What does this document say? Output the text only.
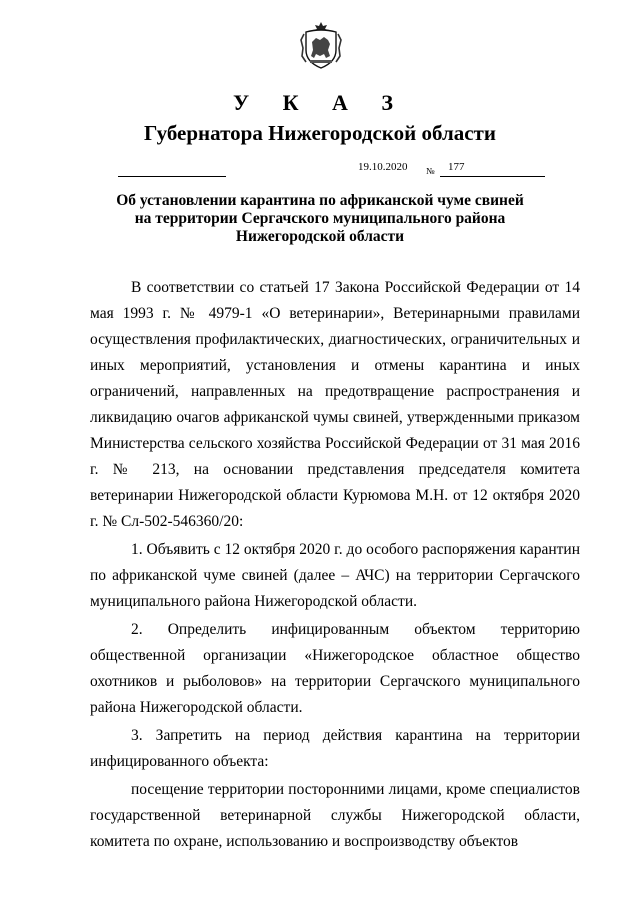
У К А З
Губернатора Нижегородской области
19.10.2020 № 177
Об установлении карантина по африканской чуме свиней
на территории Сергачского муниципального района
Нижегородской области

В соответствии со статьей 17 Закона Российской Федерации от 14 мая 1993 г. № 4979-1 «О ветеринарии», Ветеринарными правилами осуществления профилактических, диагностических, ограничительных и иных мероприятий, установления и отмены карантина и иных ограничений, направленных на предотвращение распространения и ликвидацию очагов африканской чумы свиней, утвержденными приказом Министерства сельского хозяйства Российской Федерации от 31 мая 2016 г. № 213, на основании представления председателя комитета ветеринарии Нижегородской области Курюмова М.Н. от 12 октября 2020 г. № Сл-502-546360/20:

1. Объявить с 12 октября 2020 г. до особого распоряжения карантин по африканской чуме свиней (далее – АЧС) на территории Сергачского муниципального района Нижегородской области.

2. Определить инфицированным объектом территорию общественной организации «Нижегородское областное общество охотников и рыболовов» на территории Сергачского муниципального района Нижегородской области.

3. Запретить на период действия карантина на территории инфицированного объекта:

посещение территории посторонними лицами, кроме специалистов государственной ветеринарной службы Нижегородской области, комитета по охране, использованию и воспроизводству объектов
